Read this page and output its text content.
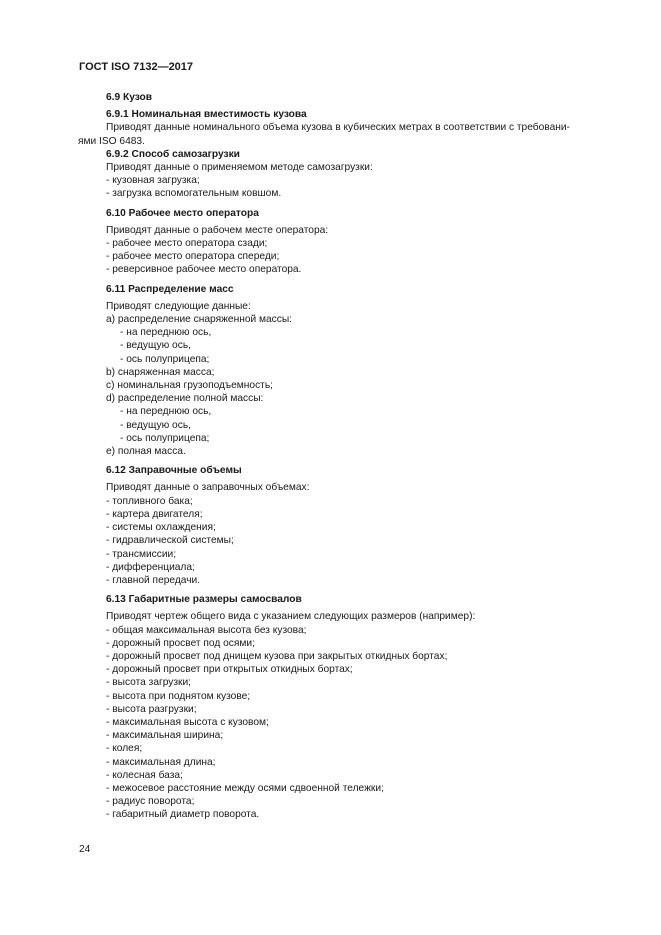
ГОСТ ISO 7132—2017
6.9 Кузов
6.9.1 Номинальная вместимость кузова
Приводят данные номинального объема кузова в кубических метрах в соответствии с требовани-
ями ISO 6483.
6.9.2 Способ самозагрузки
Приводят данные о применяемом методе самозагрузки:
- кузовная загрузка;
- загрузка вспомогательным ковшом.
6.10 Рабочее место оператора
Приводят данные о рабочем месте оператора:
- рабочее место оператора сзади;
- рабочее место оператора спереди;
- реверсивное рабочее место оператора.
6.11 Распределение масс
Приводят следующие данные:
а) распределение снаряженной массы:
- на переднюю ось,
- ведущую ось,
- ось полуприцепа;
b) снаряженная масса;
c) номинальная грузоподъемность;
d) распределение полной массы:
- на переднюю ось,
- ведущую ось,
- ось полуприцепа;
e) полная масса.
6.12 Заправочные объемы
Приводят данные о заправочных объемах:
- топливного бака;
- картера двигателя;
- системы охлаждения;
- гидравлической системы;
- трансмиссии;
- дифференциала;
- главной передачи.
6.13 Габаритные размеры самосвалов
Приводят чертеж общего вида с указанием следующих размеров (например):
- общая максимальная высота без кузова;
- дорожный просвет под осями;
- дорожный просвет под днищем кузова при закрытых откидных бортах;
- дорожный просвет при открытых откидных бортах;
- высота загрузки;
- высота при поднятом кузове;
- высота разгрузки;
- максимальная высота с кузовом;
- максимальная ширина;
- колея;
- максимальная длина;
- колесная база;
- межосевое расстояние между осями сдвоенной тележки;
- радиус поворота;
- габаритный диаметр поворота.
24
